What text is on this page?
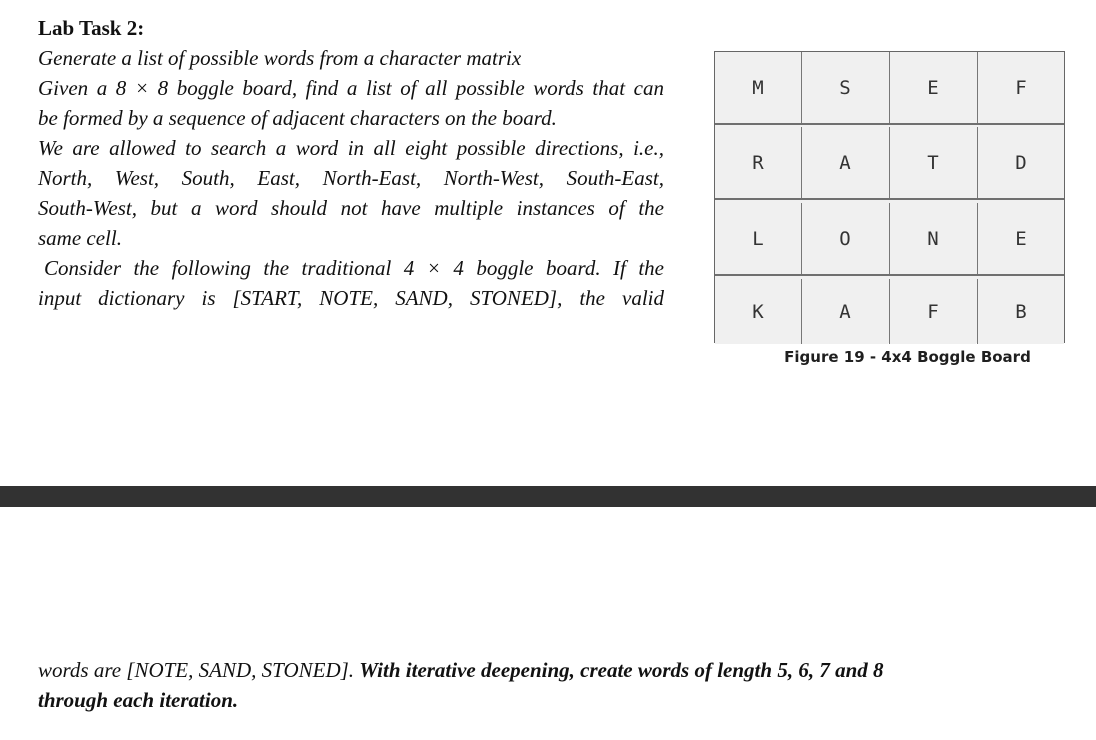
Lab Task 2:

Generate a list of possible words from a character matrix

Given a 8 × 8 boggle board, find a list of all possible words that can

be formed by a sequence of adjacent characters on the board.

We are allowed to search a word in all eight possible directions, i.e.,

North, West, South, East, North-East, North-West, South-East,

South-West, but a word should not have multiple instances of the

same cell.

Consider the following the traditional 4 × 4 boggle board. If the

input dictionary is [START, NOTE, SAND, STONED], the valid

M	S	E	F
R	A	T	D
L	O	N	E
K	A	F	B
Figure 19 - 4x4 Boggle Board

words are [NOTE, SAND, STONED]. With iterative deepening, create words of length 5, 6, 7 and 8

through each iteration.
